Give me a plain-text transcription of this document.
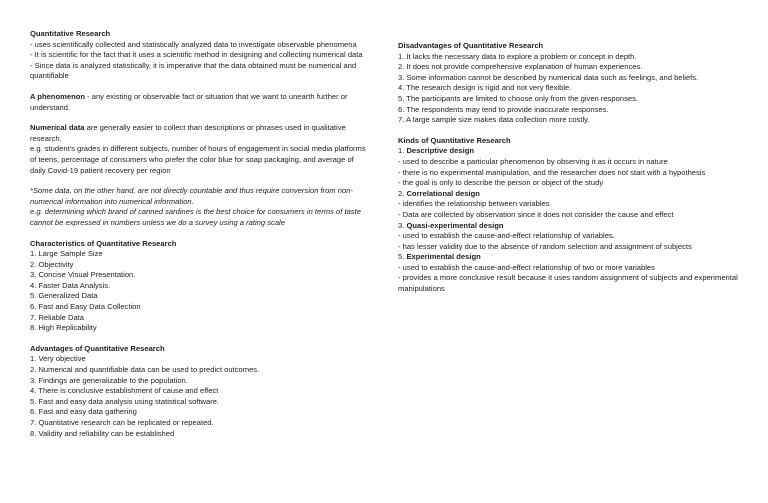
Quantitative Research
- uses scientifically collected and statistically analyzed data to investigate observable phenomena
- It is scientific for the fact that it uses a scientific method in designing and collecting numerical data
- Since data is analyzed statistically, it is imperative that the data obtained must be numerical and quantifiable
A phenomenon - any existing or observable fact or situation that we want to unearth further or understand.
Numerical data are generally easier to collect than descriptions or phrases used in qualitative research.
e.g. student's grades in different subjects, number of hours of engagement in social media platforms of teens, percentage of consumers who prefer the color blue for soap packaging, and average of daily Covid-19 patient recovery per region
*Some data, on the other hand, are not directly countable and thus require conversion from non-numerical information into numerical information.
e.g. determining which brand of canned sardines is the best choice for consumers in terms of taste cannot be expressed in numbers unless we do a survey using a rating scale
Characteristics of Quantitative Research
1. Large Sample Size
2. Objectivity
3. Concise Visual Presentation.
4. Faster Data Analysis.
5. Generalized Data
6. Fast and Easy Data Collection
7. Reliable Data
8. High Replicability
Advantages of Quantitative Research
1. Very objective
2. Numerical and quantifiable data can be used to predict outcomes.
3. Findings are generalizable to the population.
4. There is conclusive establishment of cause and effect
5. Fast and easy data analysis using statistical software.
6. Fast and easy data gathering
7. Quantitative research can be replicated or repeated.
8. Validity and reliability can be established
Disadvantages of Quantitative Research
1. It lacks the necessary data to explore a problem or concept in depth.
2. It does not provide comprehensive explanation of human experiences.
3. Some information cannot be described by numerical data such as feelings, and beliefs.
4. The research design is rigid and not very flexible.
5. The participants are limited to choose only from the given responses.
6. The respondents may tend to provide inaccurate responses.
7. A large sample size makes data collection more costly.
Kinds of Quantitative Research
1. Descriptive design
- used to describe a particular phenomenon by observing it as it occurs in nature
- there is no experimental manipulation, and the researcher does not start with a hypothesis
- the goal is only to describe the person or object of the study
2. Correlational design
- identifies the relationship between variables
- Data are collected by observation since it does not consider the cause and effect
3. Quasi-experimental design
- used to establish the cause-and-effect relationship of variables.
- has lesser validity due to the absence of random selection and assignment of subjects
5. Experimental design
- used to establish the cause-and-effect relationship of two or more variables
- provides a more conclusive result because it uses random assignment of subjects and experimental manipulations
